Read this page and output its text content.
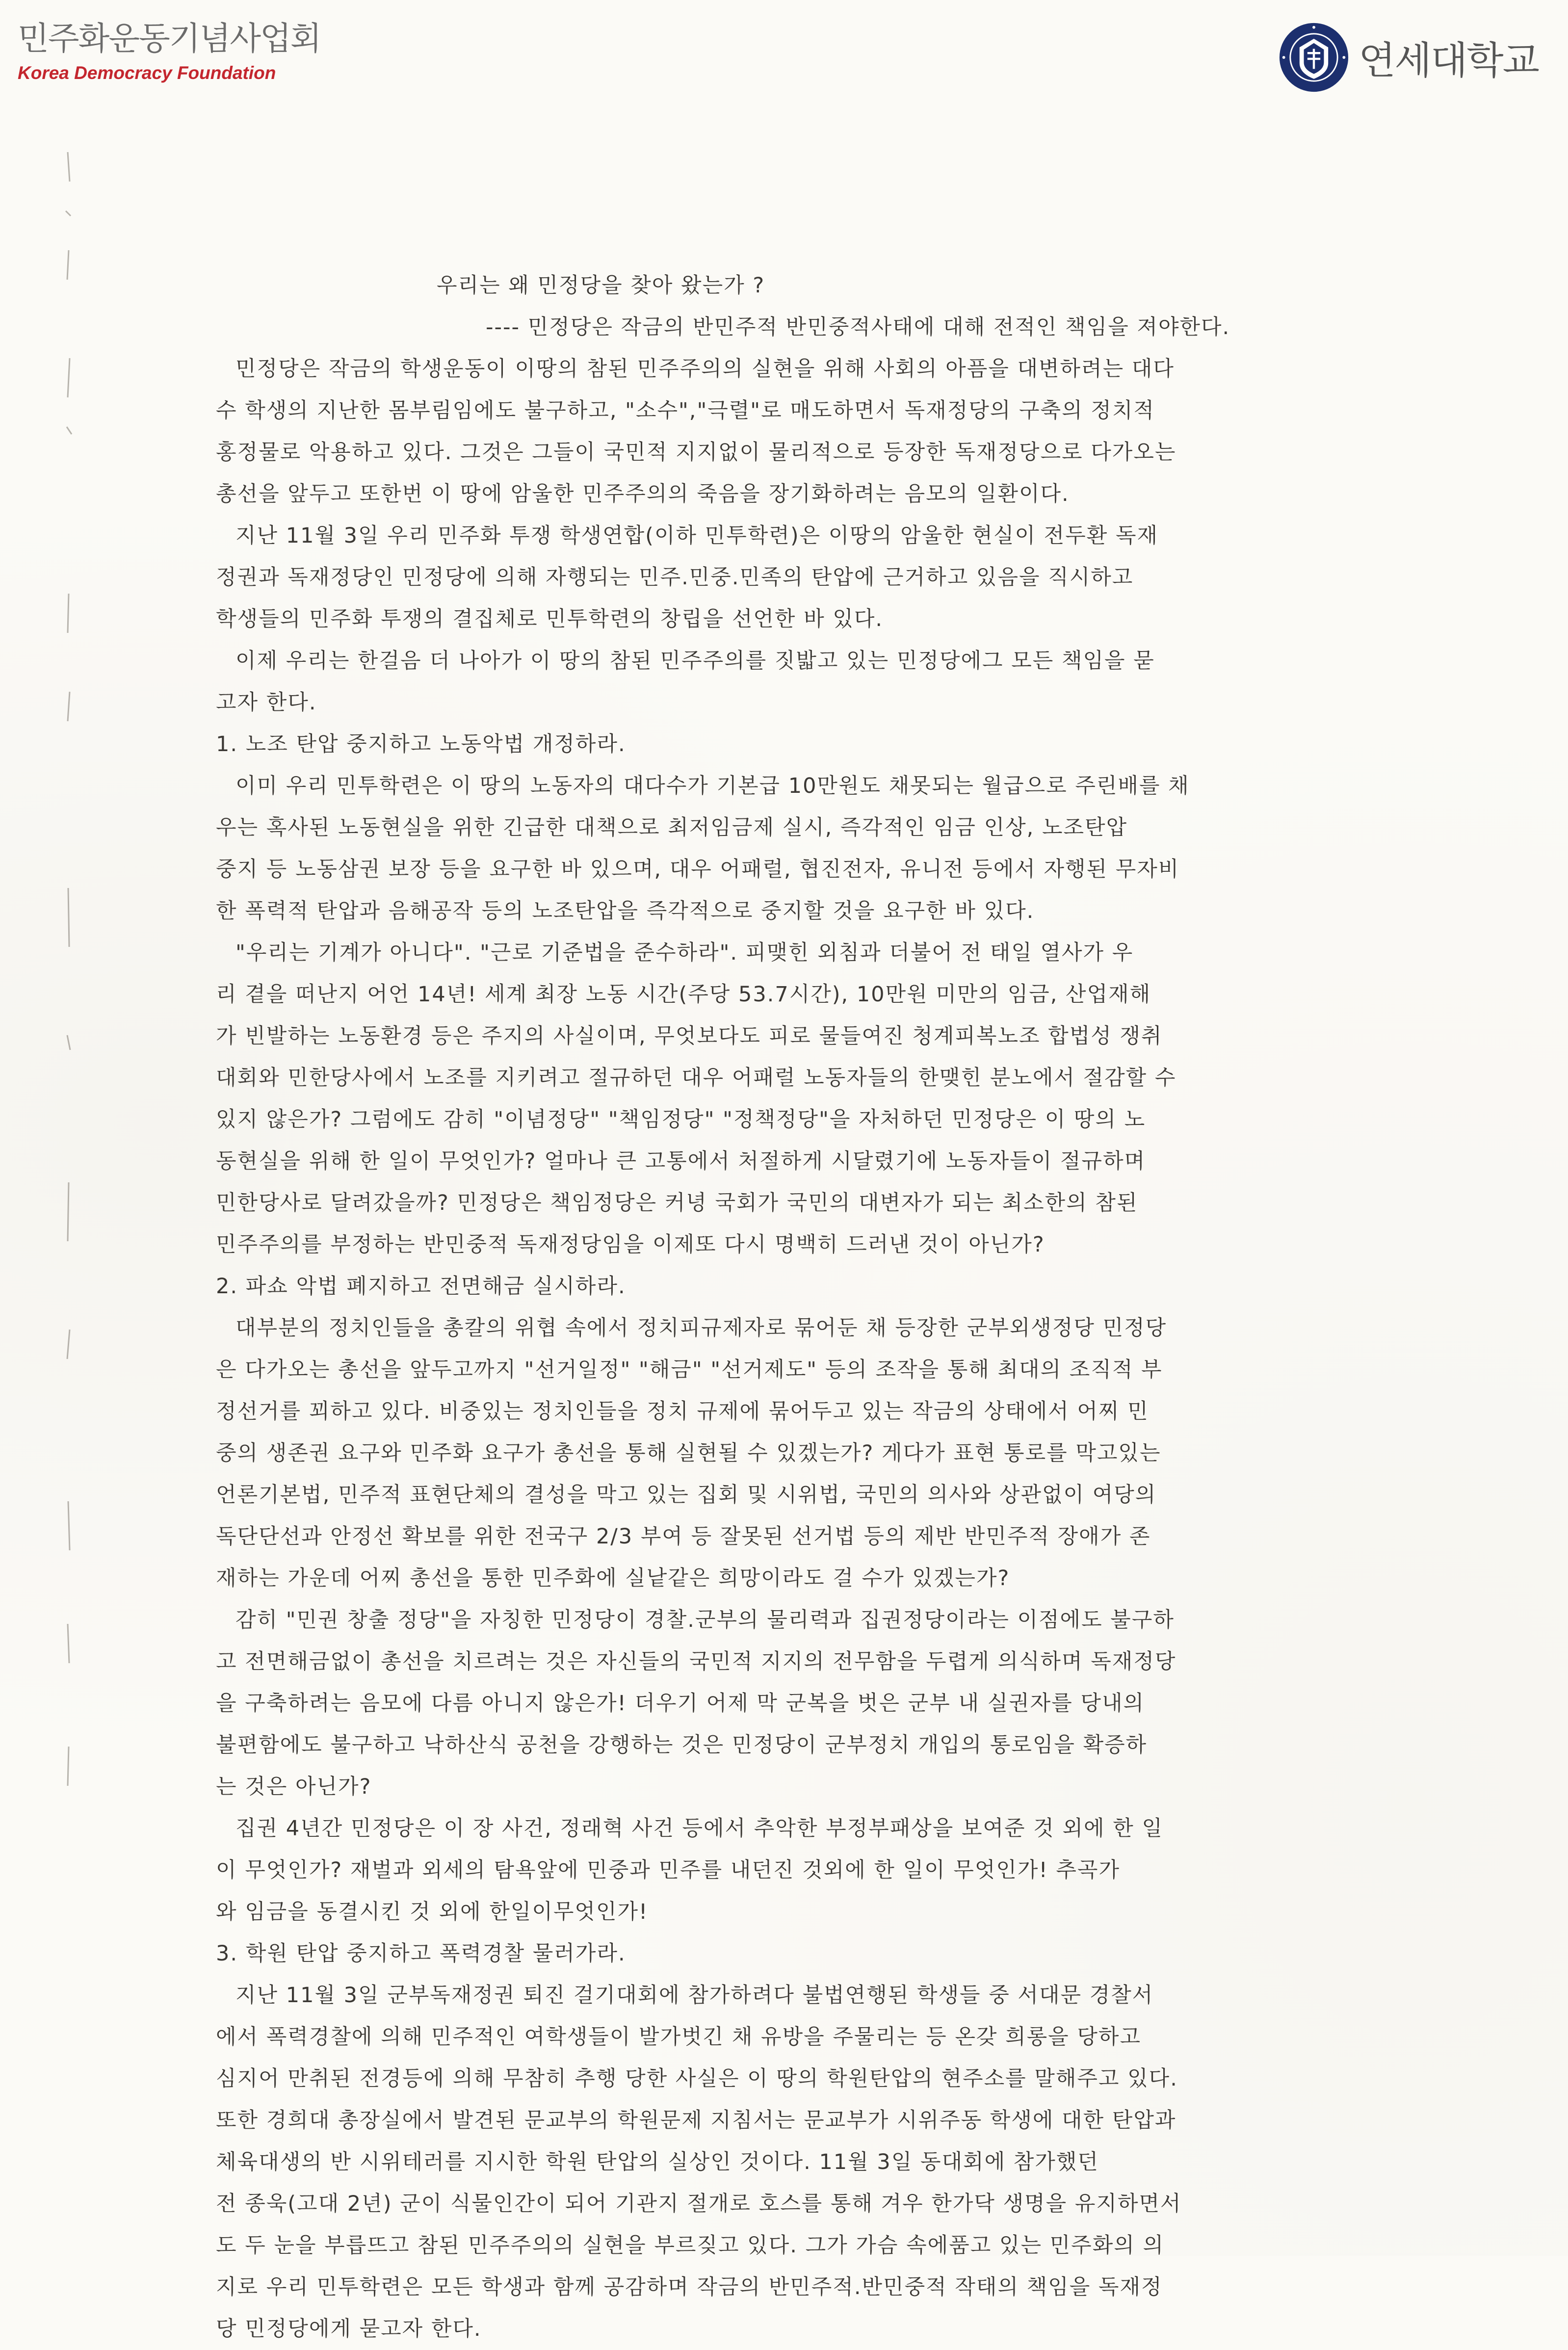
민주화운동기념사업회
Korea Democracy Foundation	연세대학교

우리는 왜 민정당을 찾아 왔는가 ?

---- 민정당은 작금의 반민주적 반민중적사태에 대해 전적인 책임을 져야한다.

민정당은 작금의 학생운동이 이땅의 참된 민주주의의 실현을 위해 사회의 아픔을 대변하려는 대다

수 학생의 지난한 몸부림임에도 불구하고, "소수","극렬"로 매도하면서 독재정당의 구축의 정치적

홍정물로 악용하고 있다. 그것은 그들이 국민적 지지없이 물리적으로 등장한 독재정당으로 다가오는

총선을 앞두고 또한번 이 땅에 암울한 민주주의의 죽음을 장기화하려는 음모의 일환이다.

지난 11월 3일 우리 민주화 투쟁 학생연합(이하 민투학련)은 이땅의 암울한 현실이 전두환 독재

정권과 독재정당인 민정당에 의해 자행되는 민주.민중.민족의 탄압에 근거하고 있음을 직시하고

학생들의 민주화 투쟁의 결집체로 민투학련의 창립을 선언한 바 있다.

이제 우리는 한걸음 더 나아가 이 땅의 참된 민주주의를 짓밟고 있는 민정당에그 모든 책임을 묻

고자 한다.

1. 노조 탄압 중지하고 노동악법 개정하라.

이미 우리 민투학련은 이 땅의 노동자의 대다수가 기본급 10만원도 채못되는 월급으로 주린배를 채

우는 혹사된 노동현실을 위한 긴급한 대책으로 최저임금제 실시, 즉각적인 임금 인상, 노조탄압

중지 등 노동삼권 보장 등을 요구한 바 있으며, 대우 어패럴, 협진전자, 유니전 등에서 자행된 무자비

한 폭력적 탄압과 음해공작 등의 노조탄압을 즉각적으로 중지할 것을 요구한 바 있다.

"우리는 기계가 아니다". "근로 기준법을 준수하라". 피맺힌 외침과 더불어 전 태일 열사가 우

리 곁을 떠난지 어언 14년! 세계 최장 노동 시간(주당 53.7시간), 10만원 미만의 임금, 산업재해

가 빈발하는 노동환경 등은 주지의 사실이며, 무엇보다도 피로 물들여진 청계피복노조 합법성 쟁취

대회와 민한당사에서 노조를 지키려고 절규하던 대우 어패럴 노동자들의 한맺힌 분노에서 절감할 수

있지 않은가? 그럼에도 감히 "이념정당" "책임정당" "정책정당"을 자처하던 민정당은 이 땅의 노

동현실을 위해 한 일이 무엇인가? 얼마나 큰 고통에서 처절하게 시달렸기에 노동자들이 절규하며

민한당사로 달려갔을까? 민정당은 책임정당은 커녕 국회가 국민의 대변자가 되는 최소한의 참된

민주주의를 부정하는 반민중적 독재정당임을 이제또 다시 명백히 드러낸 것이 아닌가?

2. 파쇼 악법 폐지하고 전면해금 실시하라.

대부분의 정치인들을 총칼의 위협 속에서 정치피규제자로 묶어둔 채 등장한 군부외생정당 민정당

은 다가오는 총선을 앞두고까지 "선거일정" "해금" "선거제도" 등의 조작을 통해 최대의 조직적 부

정선거를 꾀하고 있다. 비중있는 정치인들을 정치 규제에 묶어두고 있는 작금의 상태에서 어찌 민

중의 생존권 요구와 민주화 요구가 총선을 통해 실현될 수 있겠는가? 게다가 표현 통로를 막고있는

언론기본법, 민주적 표현단체의 결성을 막고 있는 집회 및 시위법, 국민의 의사와 상관없이 여당의

독단단선과 안정선 확보를 위한 전국구 2/3 부여 등 잘못된 선거법 등의 제반 반민주적 장애가 존

재하는 가운데 어찌 총선을 통한 민주화에 실낱같은 희망이라도 걸 수가 있겠는가?

감히 "민권 창출 정당"을 자칭한 민정당이 경찰.군부의 물리력과 집권정당이라는 이점에도 불구하

고 전면해금없이 총선을 치르려는 것은 자신들의 국민적 지지의 전무함을 두렵게 의식하며 독재정당

을 구축하려는 음모에 다름 아니지 않은가! 더우기 어제 막 군복을 벗은 군부 내 실권자를 당내의

불편함에도 불구하고 낙하산식 공천을 강행하는 것은 민정당이 군부정치 개입의 통로임을 확증하

는 것은 아닌가?

집권 4년간 민정당은 이 장 사건, 정래혁 사건 등에서 추악한 부정부패상을 보여준 것 외에 한 일

이 무엇인가? 재벌과 외세의 탐욕앞에 민중과 민주를 내던진 것외에 한 일이 무엇인가! 추곡가

와 임금을 동결시킨 것 외에 한일이무엇인가!

3. 학원 탄압 중지하고 폭력경찰 물러가라.

지난 11월 3일 군부독재정권 퇴진 걸기대회에 참가하려다 불법연행된 학생들 중 서대문 경찰서

에서 폭력경찰에 의해 민주적인 여학생들이 발가벗긴 채 유방을 주물리는 등 온갖 희롱을 당하고

심지어 만취된 전경등에 의해 무참히 추행 당한 사실은 이 땅의 학원탄압의 현주소를 말해주고 있다.

또한 경희대 총장실에서 발견된 문교부의 학원문제 지침서는 문교부가 시위주동 학생에 대한 탄압과

체육대생의 반 시위테러를 지시한 학원 탄압의 실상인 것이다. 11월 3일 동대회에 참가했던

전 종욱(고대 2년) 군이 식물인간이 되어 기관지 절개로 호스를 통해 겨우 한가닥 생명을 유지하면서

도 두 눈을 부릅뜨고 참된 민주주의의 실현을 부르짖고 있다. 그가 가슴 속에품고 있는 민주화의 의

지로 우리 민투학련은 모든 학생과 함께 공감하며 작금의 반민주적.반민중적 작태의 책임을 독재정

당 민정당에게 묻고자 한다.
